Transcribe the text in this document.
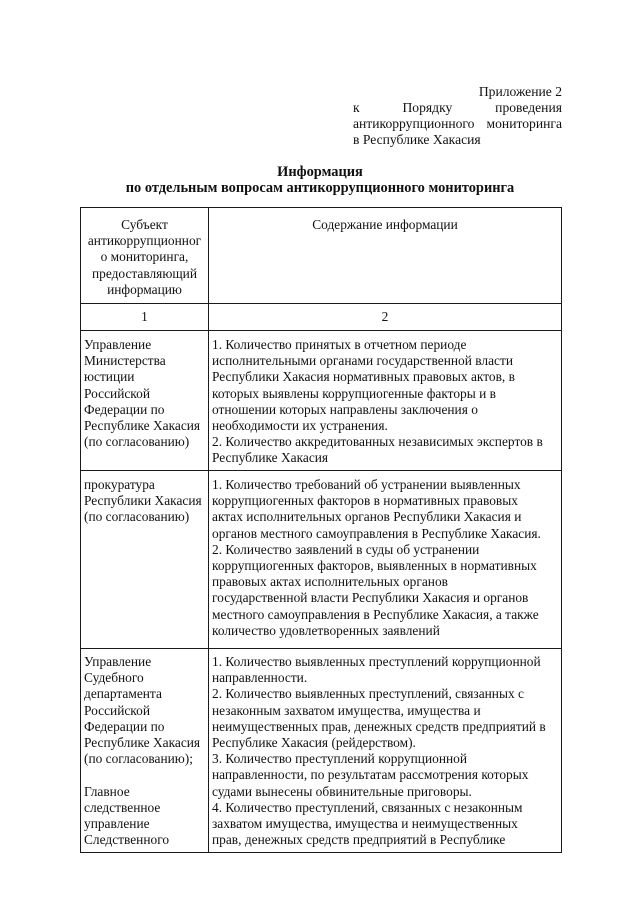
Приложение 2
к Порядку проведения
антикоррупционного мониторинга
в Республике Хакасия
Информация
по отдельным вопросам антикоррупционного мониторинга
Субъект
антикоррупционног
о мониторинга,
предоставляющий
информацию
Содержание информации
1	2
Управление
Министерства
юстиции
Российской
Федерации по
Республике Хакасия
(по согласованию)
1. Количество принятых в отчетном периоде
исполнительными органами государственной власти
Республики Хакасия нормативных правовых актов, в
которых выявлены коррупциогенные факторы и в
отношении которых направлены заключения о
необходимости их устранения.
2. Количество аккредитованных независимых экспертов в
Республике Хакасия
прокуратура
Республики Хакасия
(по согласованию)
1. Количество требований об устранении выявленных
коррупциогенных факторов в нормативных правовых
актах исполнительных органов Республики Хакасия и
органов местного самоуправления в Республике Хакасия.
2. Количество заявлений в суды об устранении
коррупциогенных факторов, выявленных в нормативных
правовых актах исполнительных органов
государственной власти Республики Хакасия и органов
местного самоуправления в Республике Хакасия, а также
количество удовлетворенных заявлений
Управление
Судебного
департамента
Российской
Федерации по
Республике Хакасия
(по согласованию);
Главное
следственное
управление
Следственного
1. Количество выявленных преступлений коррупционной
направленности.
2. Количество выявленных преступлений, связанных с
незаконным захватом имущества, имущества и
неимущественных прав, денежных средств предприятий в
Республике Хакасия (рейдерством).
3. Количество преступлений коррупционной
направленности, по результатам рассмотрения которых
судами вынесены обвинительные приговоры.
4. Количество преступлений, связанных с незаконным
захватом имущества, имущества и неимущественных
прав, денежных средств предприятий в Республике
